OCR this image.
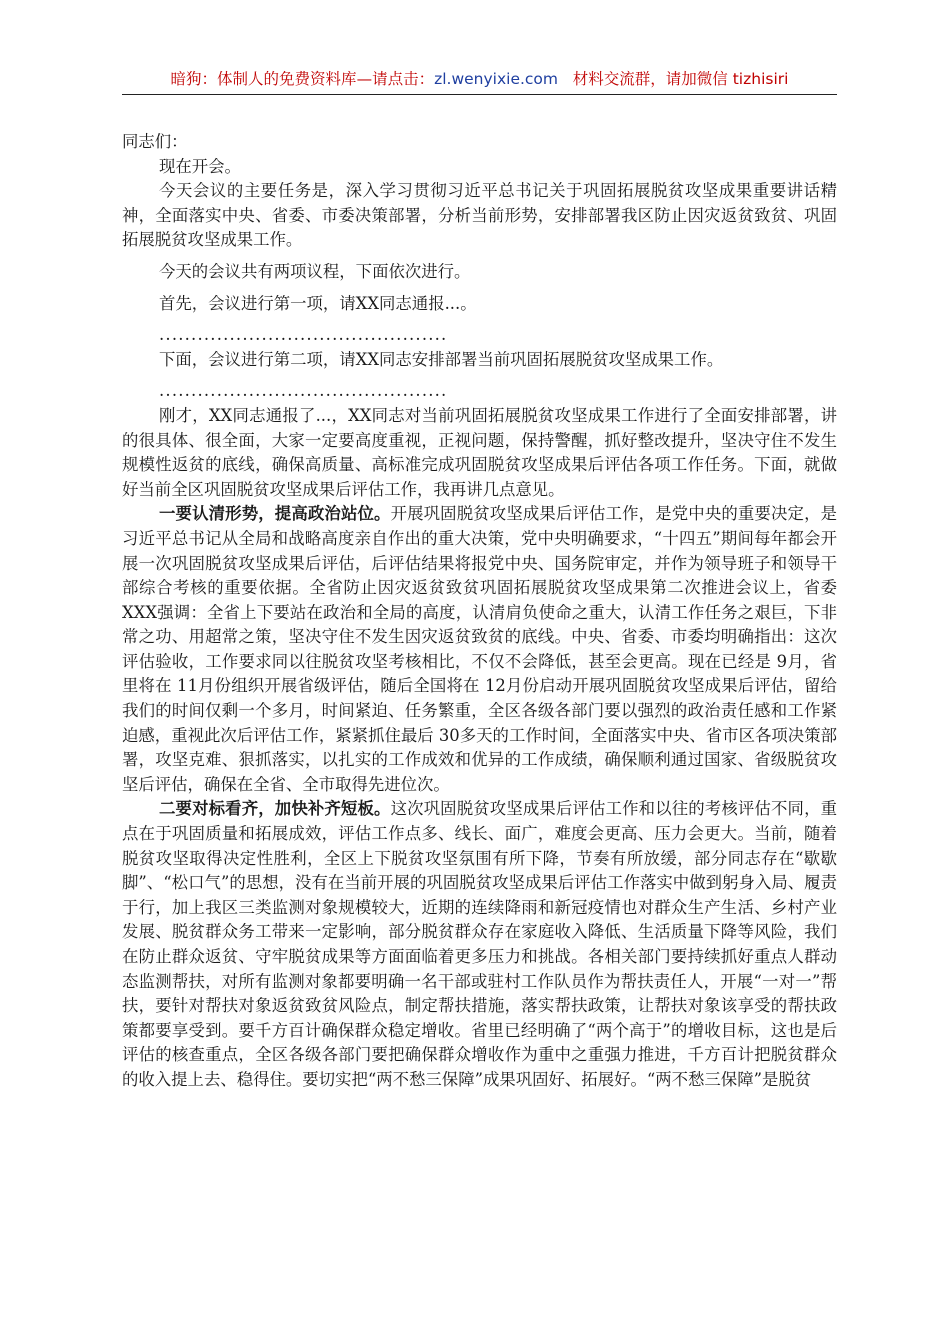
暗狗：体制人的免费资料库—请点击：zl.wenyixie.com 材料交流群，请加微信 tizhisiri

同志们：

现在开会。

今天会议的主要任务是，深入学习贯彻习近平总书记关于巩固拓展脱贫攻坚成果重要讲话精神，全面落实中央、省委、市委决策部署，分析当前形势，安排部署我区防止因灾返贫致贫、巩固拓展脱贫攻坚成果工作。

今天的会议共有两项议程，下面依次进行。

首先，会议进行第一项，请XX同志通报...。

.............................................

下面，会议进行第二项，请XX同志安排部署当前巩固拓展脱贫攻坚成果工作。

.............................................

刚才，XX同志通报了...，XX同志对当前巩固拓展脱贫攻坚成果工作进行了全面安排部署，讲的很具体、很全面，大家一定要高度重视，正视问题，保持警醒，抓好整改提升，坚决守住不发生规模性返贫的底线，确保高质量、高标准完成巩固脱贫攻坚成果后评估各项工作任务。下面，就做好当前全区巩固脱贫攻坚成果后评估工作，我再讲几点意见。

一要认清形势，提高政治站位。开展巩固脱贫攻坚成果后评估工作，是党中央的重要决定，是习近平总书记从全局和战略高度亲自作出的重大决策，党中央明确要求，“十四五”期间每年都会开展一次巩固脱贫攻坚成果后评估，后评估结果将报党中央、国务院审定，并作为领导班子和领导干部综合考核的重要依据。全省防止因灾返贫致贫巩固拓展脱贫攻坚成果第二次推进会议上，省委XXX强调：全省上下要站在政治和全局的高度，认清肩负使命之重大，认清工作任务之艰巨，下非常之功、用超常之策，坚决守住不发生因灾返贫致贫的底线。中央、省委、市委均明确指出：这次评估验收，工作要求同以往脱贫攻坚考核相比，不仅不会降低，甚至会更高。现在已经是 9月，省里将在 11月份组织开展省级评估，随后全国将在 12月份启动开展巩固脱贫攻坚成果后评估，留给我们的时间仅剩一个多月，时间紧迫、任务繁重，全区各级各部门要以强烈的政治责任感和工作紧迫感，重视此次后评估工作，紧紧抓住最后 30多天的工作时间，全面落实中央、省市区各项决策部署，攻坚克难、狠抓落实，以扎实的工作成效和优异的工作成绩，确保顺利通过国家、省级脱贫攻坚后评估，确保在全省、全市取得先进位次。

二要对标看齐，加快补齐短板。这次巩固脱贫攻坚成果后评估工作和以往的考核评估不同，重点在于巩固质量和拓展成效，评估工作点多、线长、面广，难度会更高、压力会更大。当前，随着脱贫攻坚取得决定性胜利，全区上下脱贫攻坚氛围有所下降，节奏有所放缓，部分同志存在“歇歇脚”、“松口气”的思想，没有在当前开展的巩固脱贫攻坚成果后评估工作落实中做到躬身入局、履责于行，加上我区三类监测对象规模较大，近期的连续降雨和新冠疫情也对群众生产生活、乡村产业发展、脱贫群众务工带来一定影响，部分脱贫群众存在家庭收入降低、生活质量下降等风险，我们在防止群众返贫、守牢脱贫成果等方面面临着更多压力和挑战。各相关部门要持续抓好重点人群动态监测帮扶，对所有监测对象都要明确一名干部或驻村工作队员作为帮扶责任人，开展“一对一”帮扶，要针对帮扶对象返贫致贫风险点，制定帮扶措施，落实帮扶政策，让帮扶对象该享受的帮扶政策都要享受到。要千方百计确保群众稳定增收。省里已经明确了“两个高于”的增收目标，这也是后评估的核查重点，全区各级各部门要把确保群众增收作为重中之重强力推进，千方百计把脱贫群众的收入提上去、稳得住。要切实把“两不愁三保障”成果巩固好、拓展好。“两不愁三保障”是脱贫
